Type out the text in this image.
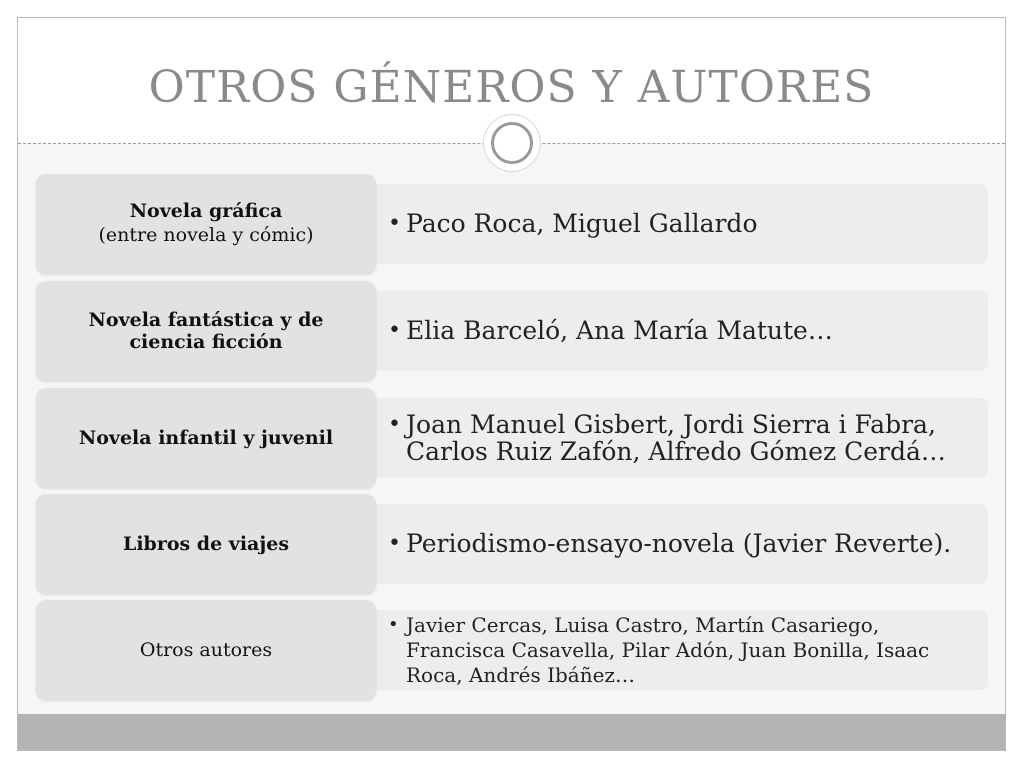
OTROS GÉNEROS Y AUTORES
• Paco Roca, Miguel Gallardo
Novela gráfica
(entre novela y cómic)
• Elia Barceló, Ana María Matute…
Novela fantástica y de ciencia ficción
• Joan Manuel Gisbert, Jordi Sierra i Fabra, Carlos Ruiz Zafón, Alfredo Gómez Cerdá…
Novela infantil y juvenil
• Periodismo-ensayo-novela (Javier Reverte).
Libros de viajes
• Javier Cercas, Luisa Castro, Martín Casariego, Francisca Casavella, Pilar Adón, Juan Bonilla, Isaac Roca, Andrés Ibáñez…
Otros autores
